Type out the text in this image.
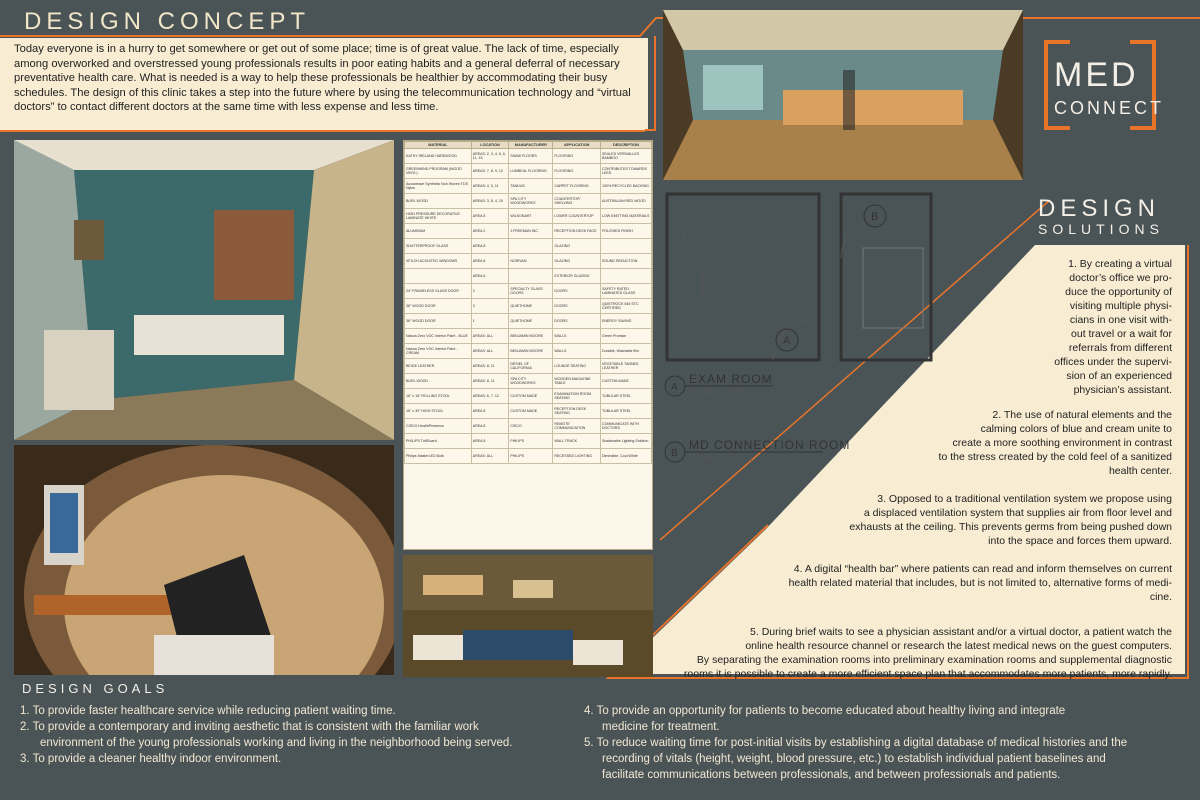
DESIGN CONCEPT
Today everyone is in a hurry to get somewhere or get out of some place; time is of great value. The lack of time, especially among overworked and overstressed young professionals results in poor eating habits and a general deferral of necessary preventative health care. What is needed is a way to help these professionals be healthier by accommodating their busy schedules. The design of this clinic takes a step into the future where by using the telecommunication technology and “virtual doctors” to contact different doctors at the same time with less expense and less time.
MATERIAL	LOCATION	MANUFACTURER	APPLICATION	DESCRIPTION
KATHY IRELAND HARDWOOD	AREAS: 2, 3, 4, 5, 6, 11, 15	SHAW FLOORS	FLOORING	SEALED VERSAILLES BAMBOO
GREENWIND PROGRAM (WOOD VINYL)	AREAS: 7, 8, 9, 12	LUMBEAL FLOORING	FLOORING	CONTRIBUTES TOWARDS LEED
Accuweave Synthetic Non Woven TDS Nylon	AREAS: 4, 5, 11	TANDUS	CARPET FLOORING	100% RECYCLED BACKING
BURL WOOD	AREAS: 3, 8, 4, 15	SPA CITY WOODWORKS	COUNTERTOP/ SHELVING	AUSTRALIAN RED WOOD
HIGH PRESSURE DECORATIVE LAMINATE WHITE	AREA 8	WILSONART	LOWER COUNTERTOP	LOW EMITTING MATERIALS
ALUMINUM	AREA 2	J.FREEMAN INC.	RECEPTION DESK FACE	POLISHED FINISH
SHATTERPROOF GLASS	AREA 8		GLAZING	
XFILCH ACOUSTIC WINDOWS	AREA 8	NORIVAN	GLAZING	SOUND REDUCTION
	AREA 6		EXTERIOR GLAZING	
24" FRAMELESS GLASS DOOR	2	SPECIALTY GLASS DOORS	DOORS	SAFETY RATED LAMINATED GLASS
36" WOOD DOOR	3	QUIETHOME	DOORS	QUIETROCK 545 STC CERTIFIED
36" WOOD DOOR	1	QUIETHOME	DOORS	ENERGY SAVING
Natura Zero VOC Interior Paint - BLUE	AREAS: ALL	BENJAMIN MOORE	WALLS	Green Promise
Natura Zero VOC Interior Paint - CREAM	AREAS: ALL	BENJAMIN MOORE	WALLS	Durable, Washable film
BEIGE LEATHER	AREAS: 8, 11	DESIEL OF CALIFORNIA	LOUNGE SEATING	VEGETABLE TANNED LEATHER
BURL WOOD	AREAS: 8, 11	SPA CITY WOODWORKS	WOODEN MAGAZINE TABLE	CUSTOM MADE
16" x 18" ROLLING STOOL	AREAS: 6, 7, 12	CUSTOM MADE	EXAMINATION ROOM SEATING	TUBULAR STEEL
16" x 30" HIGH STOOL	AREA 8	CUSTOM MADE	RECEPTION DESK SEATING	TUBULAR STEEL
CISCO HealthPresence	AREA 8	CISCO	REMOTE COMMUNICATION	COMMUNICATE WITH DOCTORS
PHILIPS TuffGuard	AREA 8	PHILIPS	WALL TRACK	Sustainable Lighting Solution
Philips MasterLED Bulb	AREAS: ALL	PHILIPS	RECESSED LIGHTING	Dimmable, Cool White
MED
CONNECT
A
B
A
B
EXAM ROOM
SCALE 3/8" : 1'-0"
MD CONNECTION ROOM
SCALE 3/8" : 1'-0"
DESIGN
SOLUTIONS
1. By creating a virtual
doctor’s office we pro-
duce the opportunity of
visiting multiple physi-
cians in one visit with-
out travel or a wait for
referrals from different
offices under the supervi-
sion of an experienced
physician’s assistant.
2. The use of natural elements and the
calming colors of blue and cream unite to
create a more soothing environment in contrast
to the stress created by the cold feel of a sanitized
health center.
3. Opposed to a traditional ventilation system we propose using
a displaced ventilation system that supplies air from floor level and
exhausts at the ceiling. This prevents germs from being pushed down
into the space and forces them upward.
4. A digital “health bar” where patients can read and inform themselves on current
health related material that includes, but is not limited to, alternative forms of medi-
cine.
5. During brief waits to see a physician assistant and/or a virtual doctor, a patient watch the
online health resource channel or research the latest medical news on the guest computers.
By separating the examination rooms into preliminary examination rooms and supplemental diagnostic
rooms it is possible to create a more efficient space plan that accommodates more patients, more rapidly.
DESIGN GOALS
1. To provide faster healthcare service while reducing patient waiting time.
2. To provide a contemporary and inviting aesthetic that is consistent with the familiar work
environment of the young professionals working and living in the neighborhood being served.
3. To provide a cleaner healthy indoor environment.
4. To provide an opportunity for patients to become educated about healthy living and integrate
medicine for treatment.
5. To reduce waiting time for post-initial visits by establishing a digital database of medical histories and the
recording of vitals (height, weight, blood pressure, etc.) to establish individual patient baselines and
facilitate communications between professionals, and between professionals and patients.
